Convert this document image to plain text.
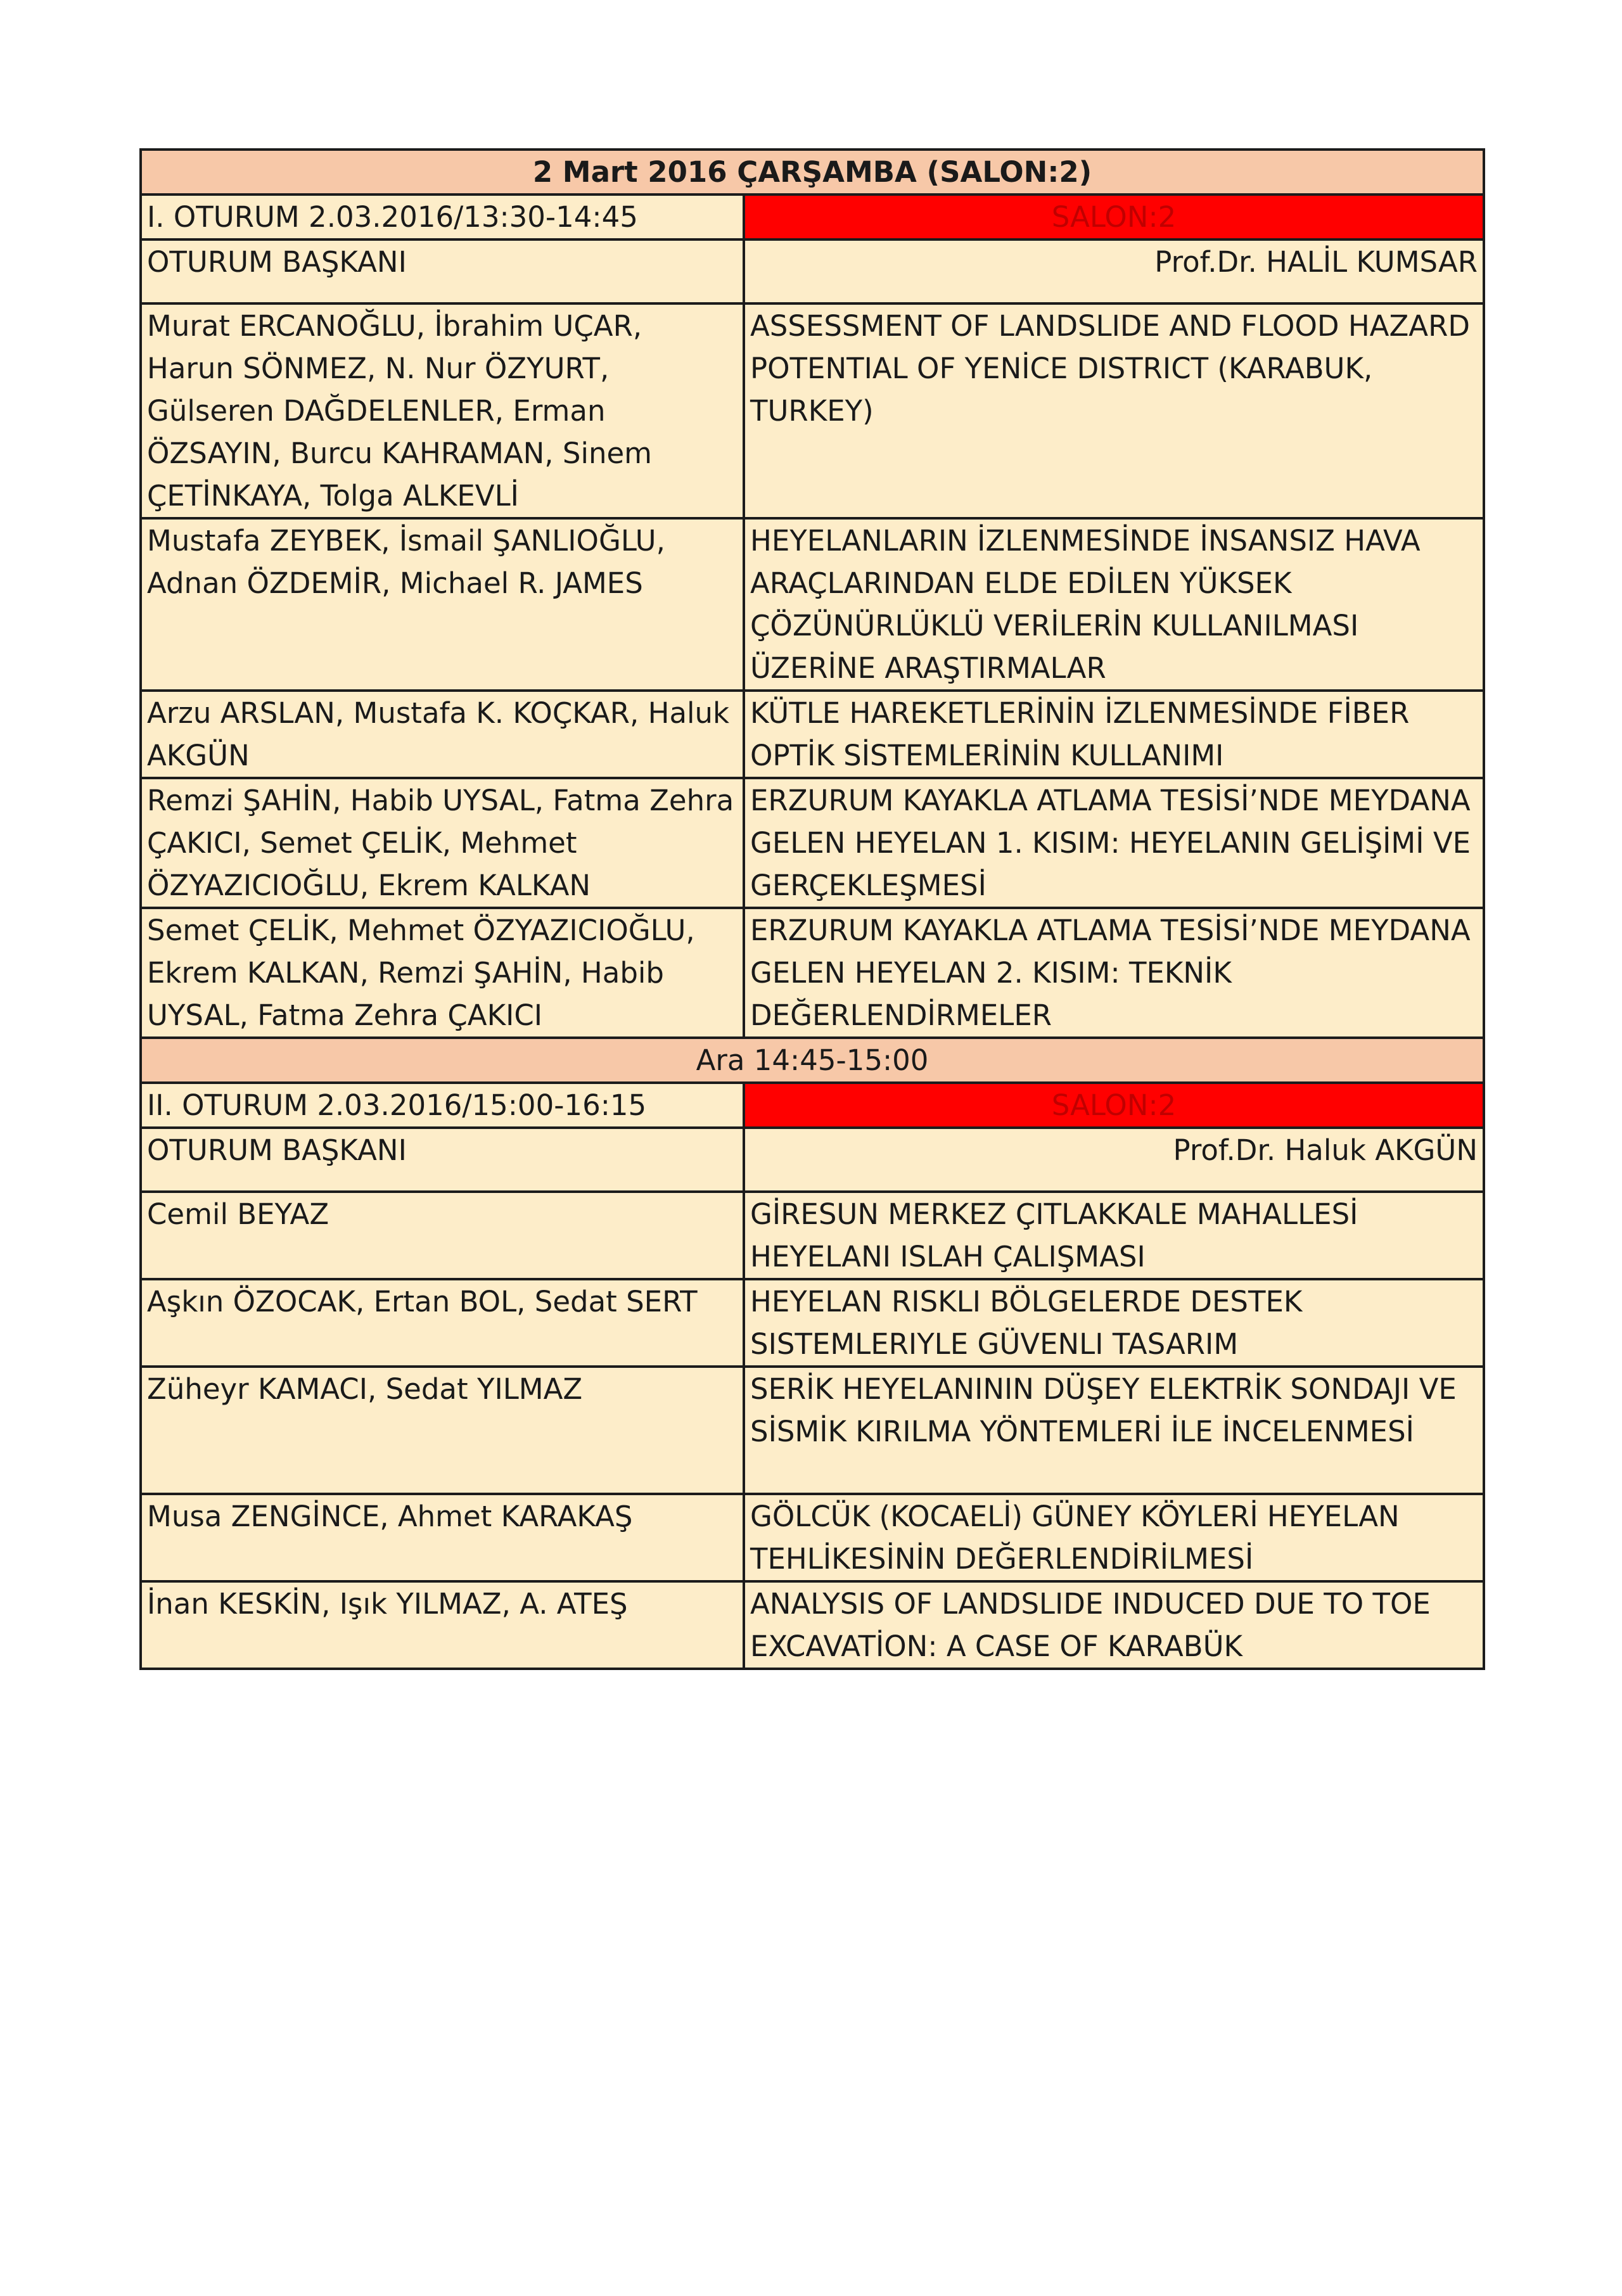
2 Mart 2016 ÇARŞAMBA (SALON:2)	
I. OTURUM 2.03.2016/13:30-14:45	SALON:2
OTURUM BAŞKANI	Prof.Dr. HALİL KUMSAR
Murat ERCANOĞLU, İbrahim UÇAR, Harun SÖNMEZ, N. Nur ÖZYURT, Gülseren DAĞDELENLER, Erman ÖZSAYIN, Burcu KAHRAMAN, Sinem ÇETİNKAYA, Tolga ALKEVLİ	ASSESSMENT OF LANDSLIDE AND FLOOD HAZARD POTENTIAL OF YENİCE DISTRICT (KARABUK, TURKEY)
Mustafa ZEYBEK, İsmail ŞANLIOĞLU, Adnan ÖZDEMİR, Michael R. JAMES	HEYELANLARIN İZLENMESİNDE İNSANSIZ HAVA ARAÇLARINDAN ELDE EDİLEN YÜKSEK ÇÖZÜNÜRLÜKLÜ VERİLERİN KULLANILMASI ÜZERİNE ARAŞTIRMALAR
Arzu ARSLAN, Mustafa K. KOÇKAR, Haluk AKGÜN	KÜTLE HAREKETLERİNİN İZLENMESİNDE FİBER OPTİK SİSTEMLERİNİN KULLANIMI
Remzi ŞAHİN, Habib UYSAL, Fatma Zehra ÇAKICI, Semet ÇELİK, Mehmet ÖZYAZICIOĞLU, Ekrem KALKAN	ERZURUM KAYAKLA ATLAMA TESİSİ’NDE MEYDANA GELEN HEYELAN 1. KISIM: HEYELANIN GELİŞİMİ VE GERÇEKLEŞMESİ
Semet ÇELİK, Mehmet ÖZYAZICIOĞLU, Ekrem KALKAN, Remzi ŞAHİN, Habib UYSAL, Fatma Zehra ÇAKICI	ERZURUM KAYAKLA ATLAMA TESİSİ’NDE MEYDANA GELEN HEYELAN 2. KISIM: TEKNİK DEĞERLENDİRMELER
Ara 14:45-15:00	
II. OTURUM 2.03.2016/15:00-16:15	SALON:2
OTURUM BAŞKANI	Prof.Dr. Haluk AKGÜN
Cemil BEYAZ	GİRESUN MERKEZ ÇITLAKKALE MAHALLESİ HEYELANI ISLAH ÇALIŞMASI
Aşkın ÖZOCAK, Ertan BOL, Sedat SERT	HEYELAN RISKLI BÖLGELERDE DESTEK SISTEMLERIYLE GÜVENLI TASARIM
Züheyr KAMACI, Sedat YILMAZ	SERİK HEYELANININ DÜŞEY ELEKTRİK SONDAJI VE SİSMİK KIRILMA YÖNTEMLERİ İLE İNCELENMESİ
Musa ZENGİNCE, Ahmet KARAKAŞ	GÖLCÜK (KOCAELİ) GÜNEY KÖYLERİ HEYELAN TEHLİKESİNİN DEĞERLENDİRİLMESİ
İnan KESKİN, Işık YILMAZ, A. ATEŞ	ANALYSIS OF LANDSLIDE INDUCED DUE TO TOE EXCAVATİON: A CASE OF KARABÜK
